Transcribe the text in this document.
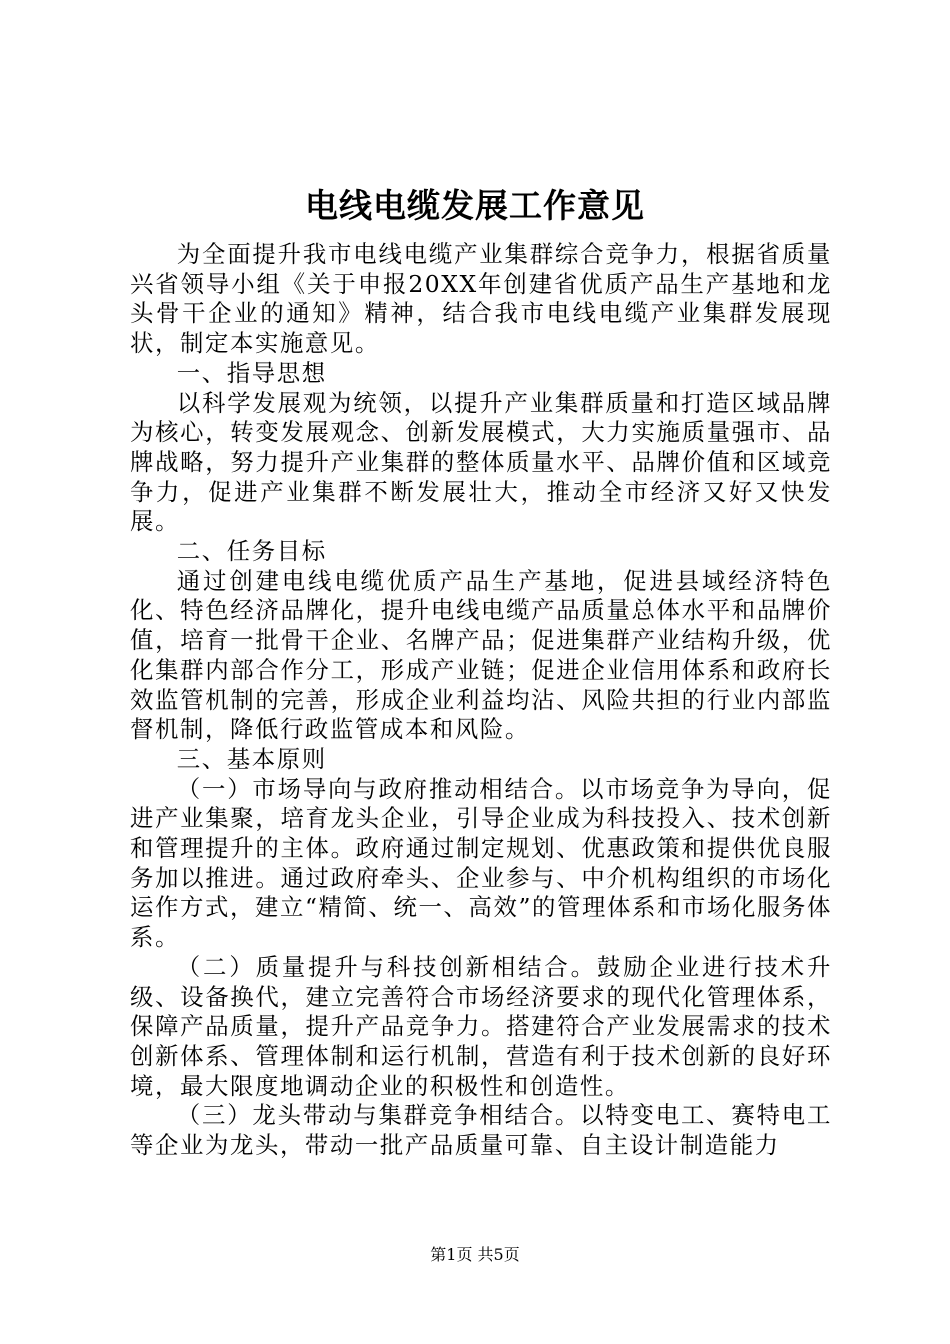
电线电缆发展工作意见

为全面提升我市电线电缆产业集群综合竞争力，根据省质量兴省领导小组《关于申报20XX年创建省优质产品生产基地和龙头骨干企业的通知》精神，结合我市电线电缆产业集群发展现状，制定本实施意见。

一、指导思想

以科学发展观为统领，以提升产业集群质量和打造区域品牌为核心，转变发展观念、创新发展模式，大力实施质量强市、品牌战略，努力提升产业集群的整体质量水平、品牌价值和区域竞争力，促进产业集群不断发展壮大，推动全市经济又好又快发展。

二、任务目标

通过创建电线电缆优质产品生产基地，促进县域经济特色化、特色经济品牌化，提升电线电缆产品质量总体水平和品牌价值，培育一批骨干企业、名牌产品；促进集群产业结构升级，优化集群内部合作分工，形成产业链；促进企业信用体系和政府长效监管机制的完善，形成企业利益均沾、风险共担的行业内部监督机制，降低行政监管成本和风险。

三、基本原则

（一）市场导向与政府推动相结合。以市场竞争为导向，促进产业集聚，培育龙头企业，引导企业成为科技投入、技术创新和管理提升的主体。政府通过制定规划、优惠政策和提供优良服务加以推进。通过政府牵头、企业参与、中介机构组织的市场化运作方式，建立“精简、统一、高效”的管理体系和市场化服务体系。

（二）质量提升与科技创新相结合。鼓励企业进行技术升级、设备换代，建立完善符合市场经济要求的现代化管理体系，保障产品质量，提升产品竞争力。搭建符合产业发展需求的技术创新体系、管理体制和运行机制，营造有利于技术创新的良好环境，最大限度地调动企业的积极性和创造性。

（三）龙头带动与集群竞争相结合。以特变电工、赛特电工等企业为龙头，带动一批产品质量可靠、自主设计制造能力

第1页 共5页
